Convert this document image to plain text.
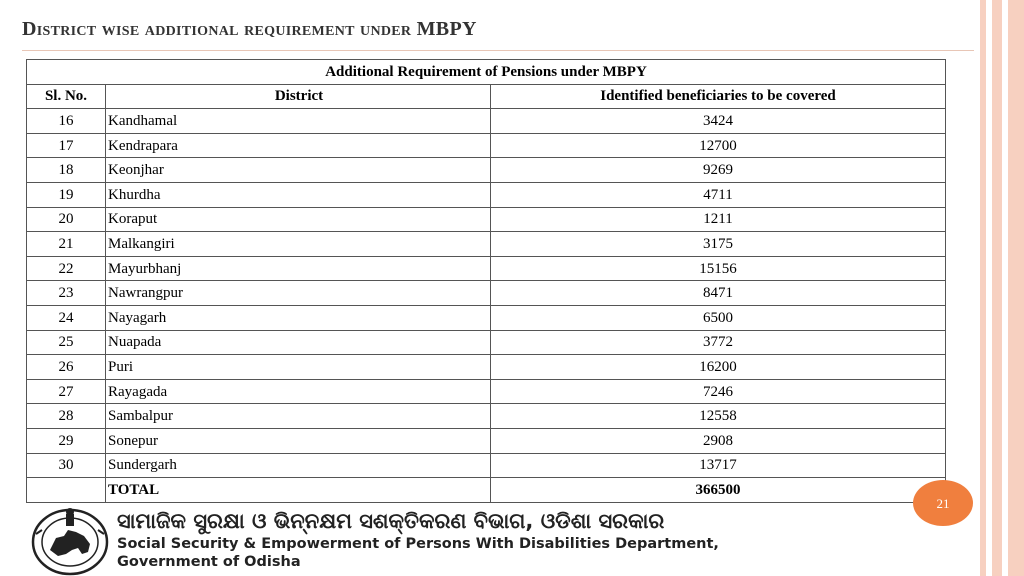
District wise additional requirement under MBPY
Additional Requirement of Pensions under MBPY		
Sl. No.	District	Identified beneficiaries to be covered
16	Kandhamal	3424
17	Kendrapara	12700
18	Keonjhar	9269
19	Khurdha	4711
20	Koraput	1211
21	Malkangiri	3175
22	Mayurbhanj	15156
23	Nawrangpur	8471
24	Nayagarh	6500
25	Nuapada	3772
26	Puri	16200
27	Rayagada	7246
28	Sambalpur	12558
29	Sonepur	2908
30	Sundergarh	13717
	TOTAL	366500
21
ସାମାଜିକ ସୁରକ୍ଷା ଓ ଭିନ୍ନକ୍ଷମ ସଶକ୍ତିକରଣ ବିଭାଗ, ଓଡିଶା ସରକାର
Social Security & Empowerment of Persons With Disabilities Department,
Government of Odisha
